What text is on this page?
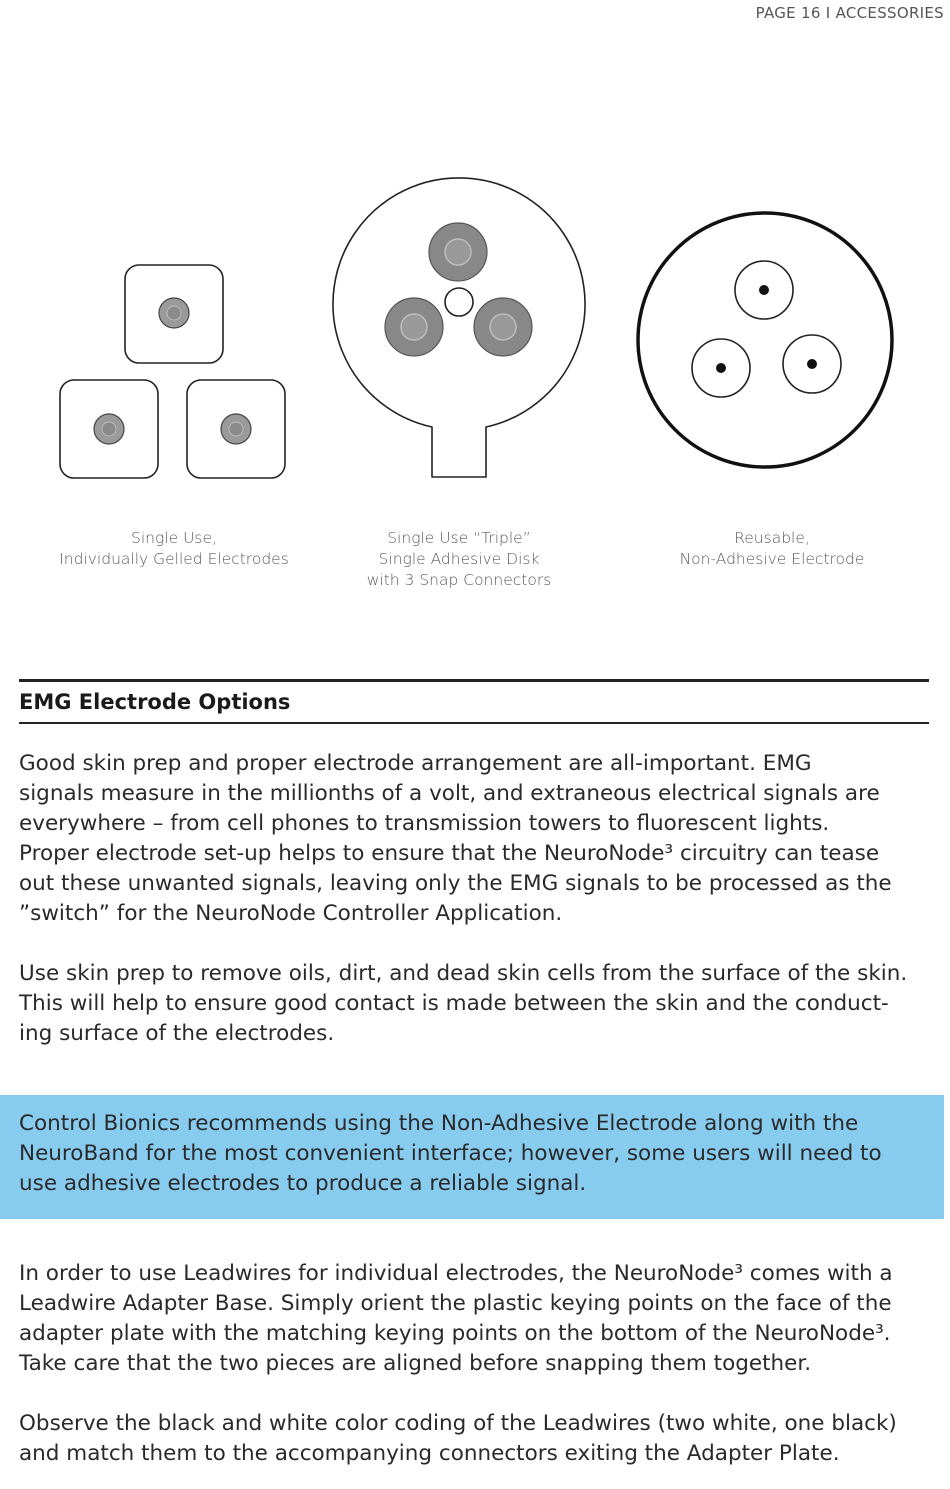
PAGE 16 I ACCESSORIES
Single Use,
Individually Gelled Electrodes
Single Use “Triple”
Single Adhesive Disk
with 3 Snap Connectors
Reusable,
Non-Adhesive Electrode
EMG Electrode Options

Good skin prep and proper electrode arrangement are all-important. EMG
signals measure in the millionths of a volt, and extraneous electrical signals are
everywhere – from cell phones to transmission towers to fluorescent lights.
Proper electrode set-up helps to ensure that the NeuroNode³ circuitry can tease
out these unwanted signals, leaving only the EMG signals to be processed as the
”switch” for the NeuroNode Controller Application.

Use skin prep to remove oils, dirt, and dead skin cells from the surface of the skin.
This will help to ensure good contact is made between the skin and the conduct-
ing surface of the electrodes.

Control Bionics recommends using the Non-Adhesive Electrode along with the
NeuroBand for the most convenient interface; however, some users will need to
use adhesive electrodes to produce a reliable signal.

In order to use Leadwires for individual electrodes, the NeuroNode³ comes with a
Leadwire Adapter Base. Simply orient the plastic keying points on the face of the
adapter plate with the matching keying points on the bottom of the NeuroNode³.
Take care that the two pieces are aligned before snapping them together.

Observe the black and white color coding of the Leadwires (two white, one black)
and match them to the accompanying connectors exiting the Adapter Plate.
